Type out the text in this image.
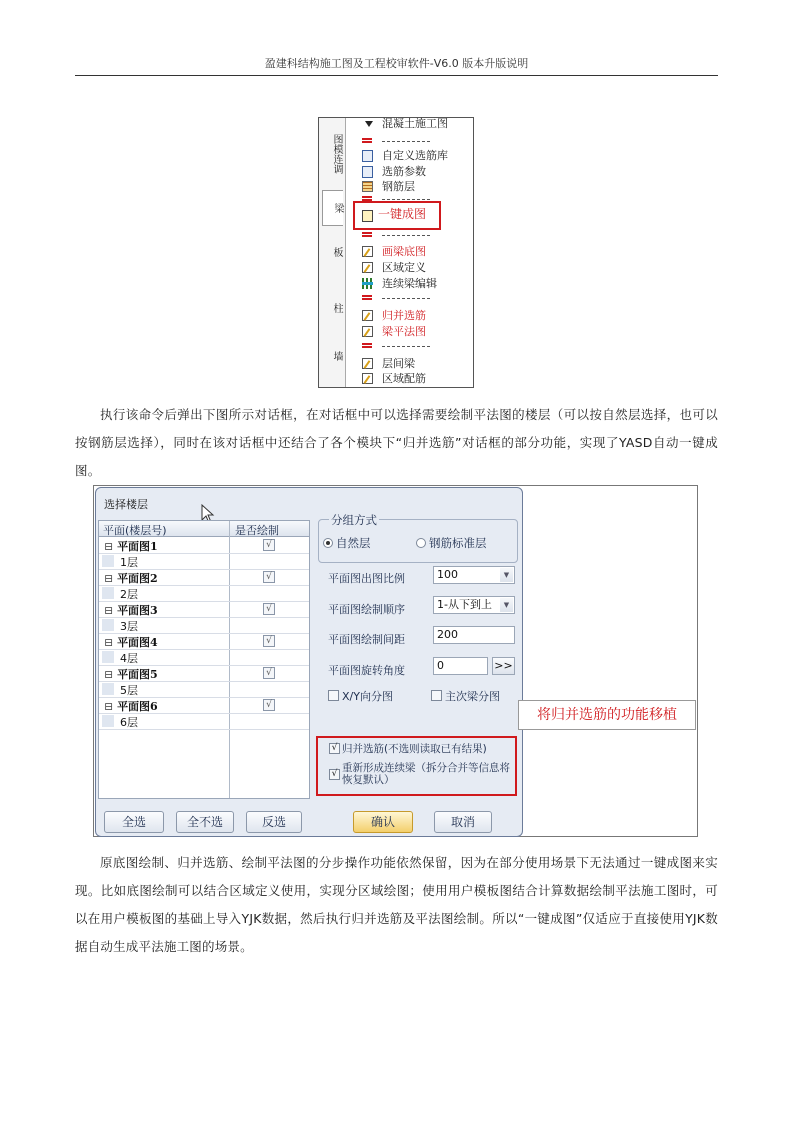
盈建科结构施工图及工程校审软件-V6.0 版本升版说明
图模连调
梁
板
柱
墙
混凝土施工图
自定义选筋库
选筋参数
钢筋层
一键成图
画梁底图
区域定义
连续梁编辑
归并选筋
梁平法图
层间梁
区域配筋
执行该命令后弹出下图所示对话框，在对话框中可以选择需要绘制平法图的楼层（可以按自然层选择，也可以按钢筋层选择），同时在该对话框中还结合了各个模块下“归并选筋”对话框的部分功能，实现了YASD自动一键成图。
选择楼层
平面(楼层号)	是否绘制
⊟ 平面图1	√
1层
⊟ 平面图2	√
2层
⊟ 平面图3	√
3层
⊟ 平面图4	√
4层
⊟ 平面图5	√
5层
⊟ 平面图6	√
6层
分组方式
自然层	钢筋标准层
平面图出图比例	100	▼
平面图绘制顺序	1-从下到上	▼
平面图绘制间距	200
平面图旋转角度	0	>>
X/Y向分图	主次梁分图
√ 归并选筋(不选则读取已有结果)
√ 重新形成连续梁（拆分合并等信息将恢复默认）
全选	全不选	反选	确认	取消
将归并选筋的功能移植
原底图绘制、归并选筋、绘制平法图的分步操作功能依然保留，因为在部分使用场景下无法通过一键成图来实现。比如底图绘制可以结合区域定义使用，实现分区域绘图；使用用户模板图结合计算数据绘制平法施工图时，可以在用户模板图的基础上导入YJK数据，然后执行归并选筋及平法图绘制。所以“一键成图”仅适应于直接使用YJK数据自动生成平法施工图的场景。
